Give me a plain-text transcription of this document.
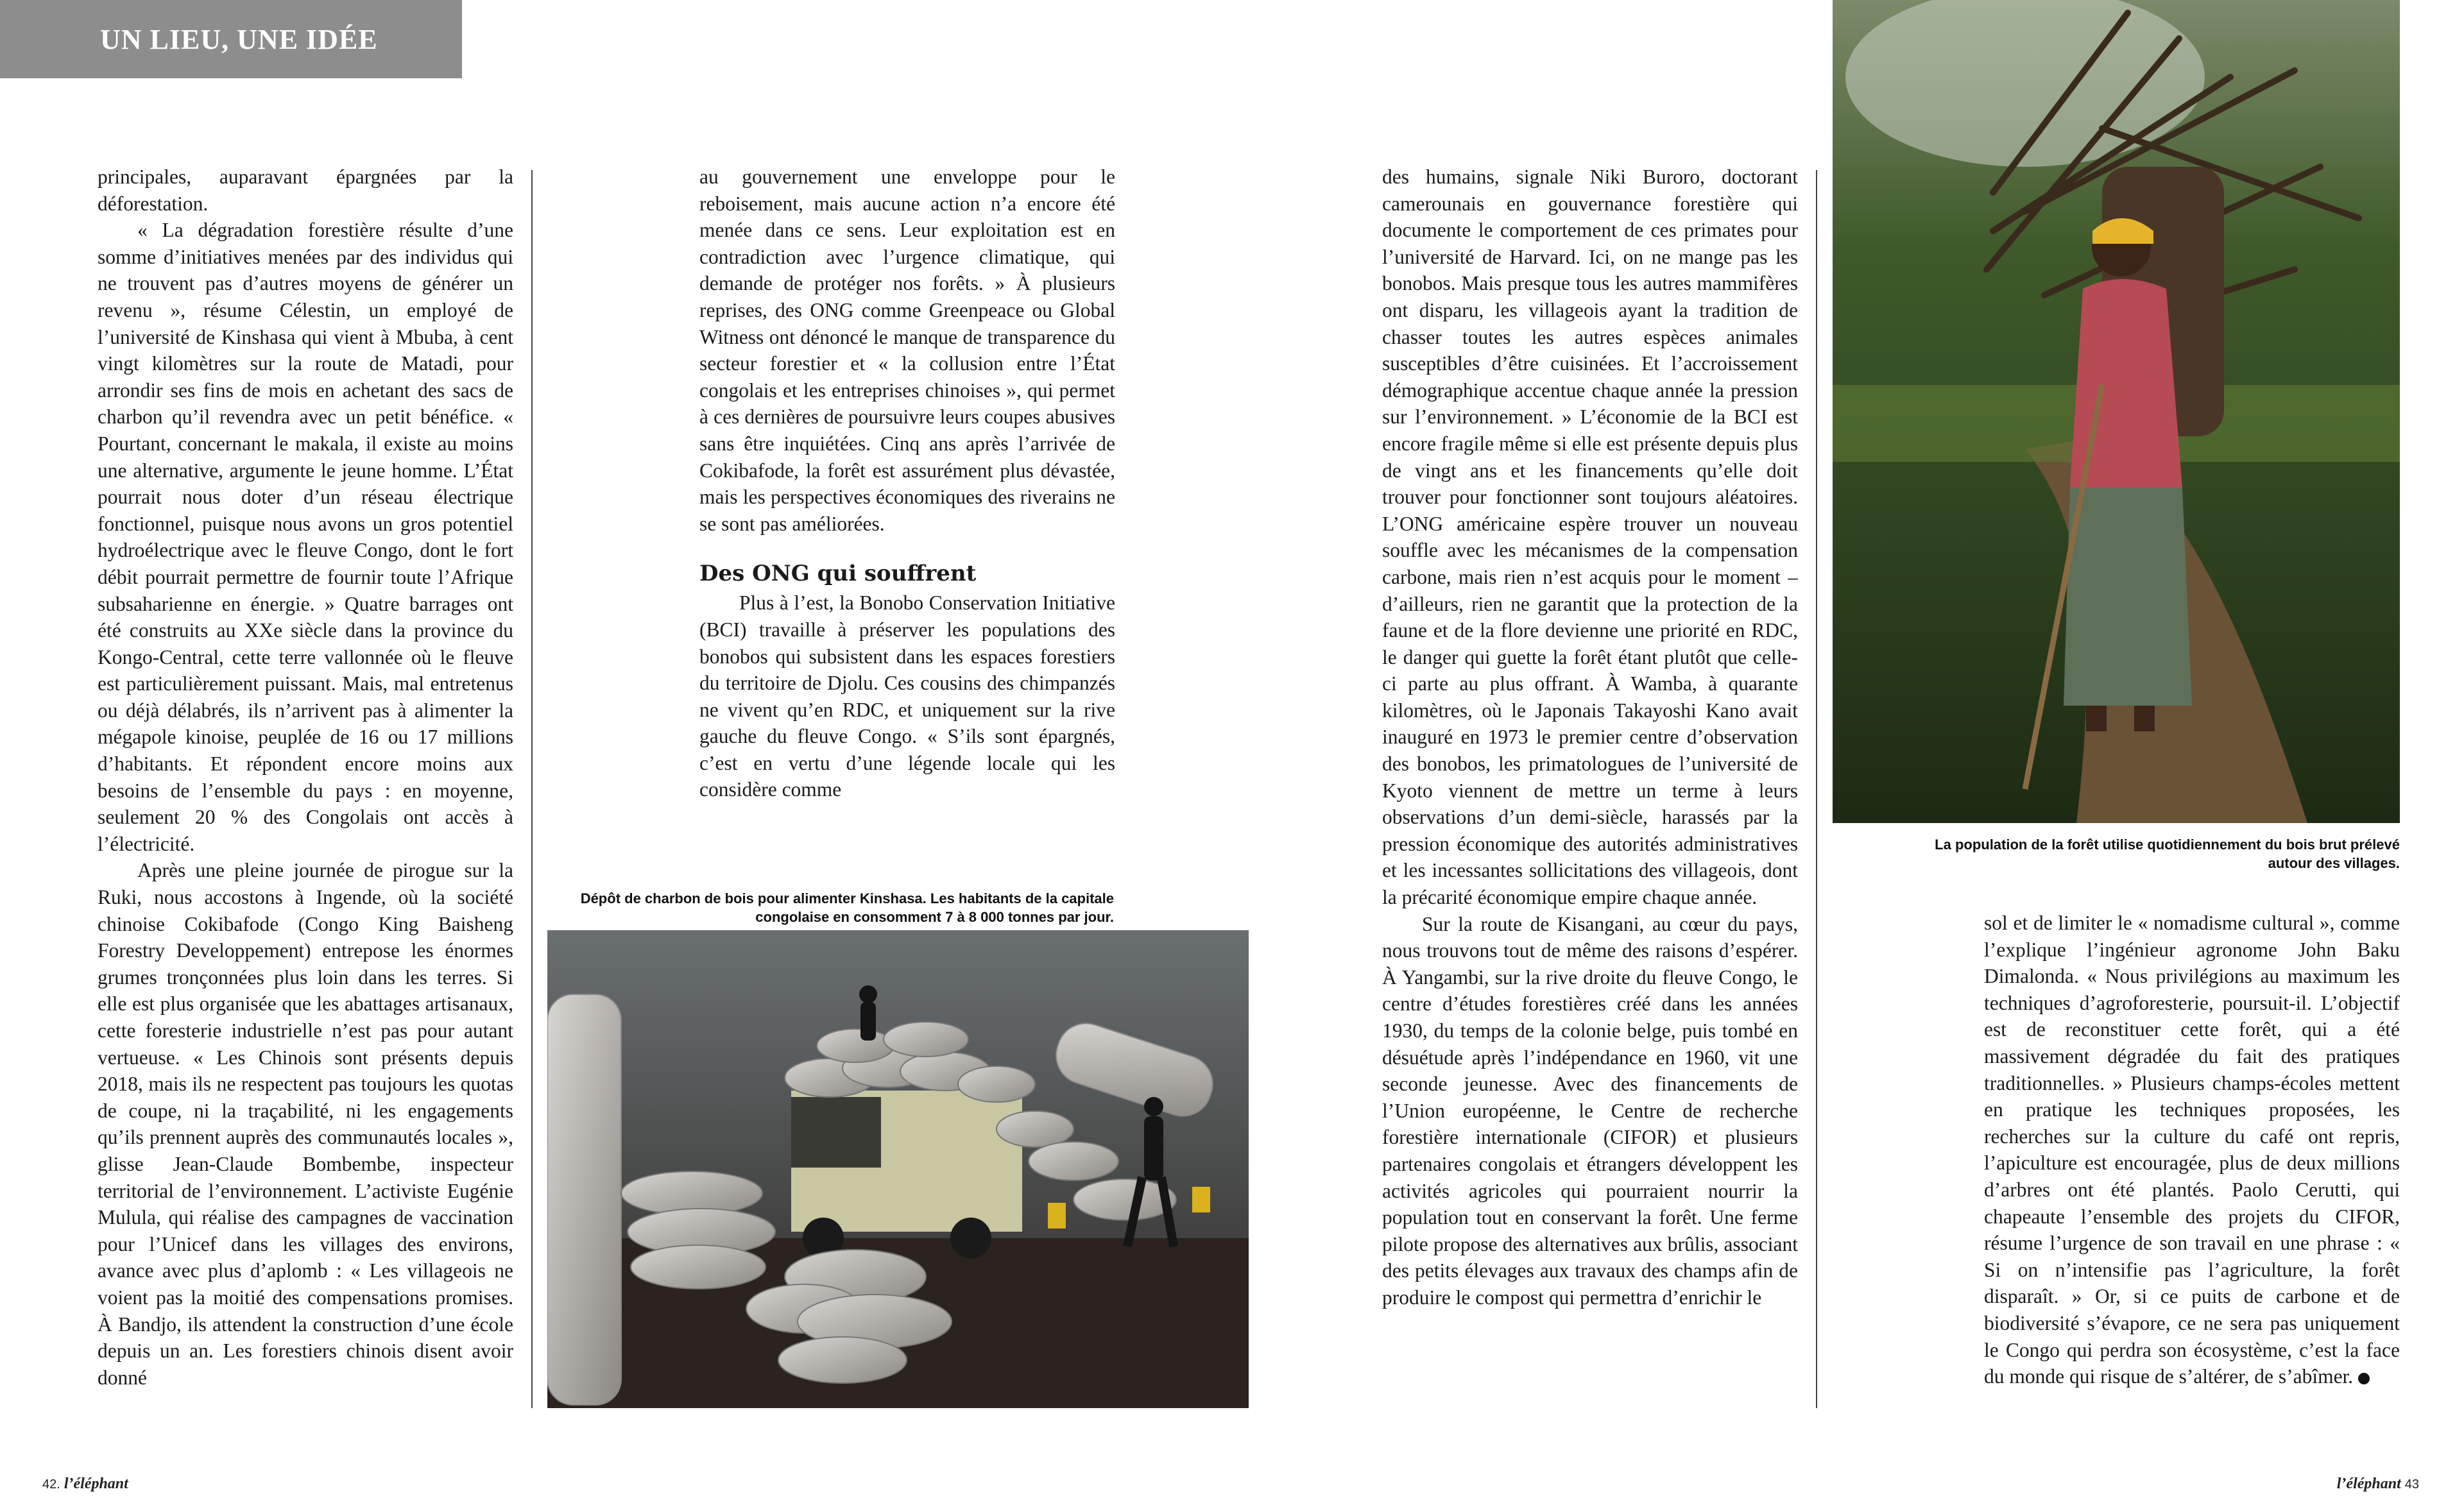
UN LIEU, UNE IDÉE

principales, auparavant épargnées par la déforestation.

« La dégradation forestière résulte d’une somme d’initiatives menées par des individus qui ne trouvent pas d’autres moyens de générer un revenu », résume Célestin, un employé de l’université de Kinshasa qui vient à Mbuba, à cent vingt kilomètres sur la route de Matadi, pour arrondir ses fins de mois en achetant des sacs de charbon qu’il revendra avec un petit bénéfice. « Pourtant, concernant le makala, il existe au moins une alternative, argumente le jeune homme. L’État pourrait nous doter d’un réseau électrique fonctionnel, puisque nous avons un gros potentiel hydroélectrique avec le fleuve Congo, dont le fort débit pourrait permettre de fournir toute l’Afrique subsaharienne en énergie. » Quatre barrages ont été construits au XXe siècle dans la province du Kongo-Central, cette terre vallonnée où le fleuve est particulièrement puissant. Mais, mal entretenus ou déjà délabrés, ils n’arrivent pas à alimenter la mégapole kinoise, peuplée de 16 ou 17 millions d’habitants. Et répondent encore moins aux besoins de l’ensemble du pays : en moyenne, seulement 20 % des Congolais ont accès à l’électricité.

Après une pleine journée de pirogue sur la Ruki, nous accostons à Ingende, où la société chinoise Cokibafode (Congo King Baisheng Forestry Developpement) entrepose les énormes grumes tronçonnées plus loin dans les terres. Si elle est plus organisée que les abattages artisanaux, cette foresterie industrielle n’est pas pour autant vertueuse. « Les Chinois sont présents depuis 2018, mais ils ne respectent pas toujours les quotas de coupe, ni la traçabilité, ni les engagements qu’ils prennent auprès des communautés locales », glisse Jean-Claude Bombembe, inspecteur territorial de l’environnement. L’activiste Eugénie Mulula, qui réalise des campagnes de vaccination pour l’Unicef dans les villages des environs, avance avec plus d’aplomb : « Les villageois ne voient pas la moitié des compensations promises. À Bandjo, ils attendent la construction d’une école depuis un an. Les forestiers chinois disent avoir donné

au gouvernement une enveloppe pour le reboisement, mais aucune action n’a encore été menée dans ce sens. Leur exploitation est en contradiction avec l’urgence climatique, qui demande de protéger nos forêts. » À plusieurs reprises, des ONG comme Greenpeace ou Global Witness ont dénoncé le manque de transparence du secteur forestier et « la collusion entre l’État congolais et les entreprises chinoises », qui permet à ces dernières de poursuivre leurs coupes abusives sans être inquiétées. Cinq ans après l’arrivée de Cokibafode, la forêt est assurément plus dévastée, mais les perspectives économiques des riverains ne se sont pas améliorées.

Des ONG qui souffrent

Plus à l’est, la Bonobo Conservation Initiative (BCI) travaille à préserver les populations des bonobos qui subsistent dans les espaces forestiers du territoire de Djolu. Ces cousins des chimpanzés ne vivent qu’en RDC, et uniquement sur la rive gauche du fleuve Congo. « S’ils sont épargnés, c’est en vertu d’une légende locale qui les considère comme

Dépôt de charbon de bois pour alimenter Kinshasa. Les habitants de la capitale congolaise en consomment 7 à 8 000 tonnes par jour.

des humains, signale Niki Buroro, doctorant camerounais en gouvernance forestière qui documente le comportement de ces primates pour l’université de Harvard. Ici, on ne mange pas les bonobos. Mais presque tous les autres mammifères ont disparu, les villageois ayant la tradition de chasser toutes les autres espèces animales susceptibles d’être cuisinées. Et l’accroissement démographique accentue chaque année la pression sur l’environnement. » L’économie de la BCI est encore fragile même si elle est présente depuis plus de vingt ans et les financements qu’elle doit trouver pour fonctionner sont toujours aléatoires. L’ONG américaine espère trouver un nouveau souffle avec les mécanismes de la compensation carbone, mais rien n’est acquis pour le moment – d’ailleurs, rien ne garantit que la protection de la faune et de la flore devienne une priorité en RDC, le danger qui guette la forêt étant plutôt que celle-ci parte au plus offrant. À Wamba, à quarante kilomètres, où le Japonais Takayoshi Kano avait inauguré en 1973 le premier centre d’observation des bonobos, les primatologues de l’université de Kyoto viennent de mettre un terme à leurs observations d’un demi-siècle, harassés par la pression économique des autorités administratives et les incessantes sollicitations des villageois, dont la précarité économique empire chaque année.

Sur la route de Kisangani, au cœur du pays, nous trouvons tout de même des raisons d’espérer. À Yangambi, sur la rive droite du fleuve Congo, le centre d’études forestières créé dans les années 1930, du temps de la colonie belge, puis tombé en désuétude après l’indépendance en 1960, vit une seconde jeunesse. Avec des financements de l’Union européenne, le Centre de recherche forestière internationale (CIFOR) et plusieurs partenaires congolais et étrangers développent les activités agricoles qui pourraient nourrir la population tout en conservant la forêt. Une ferme pilote propose des alternatives aux brûlis, associant des petits élevages aux travaux des champs afin de produire le compost qui permettra d’enrichir le

La population de la forêt utilise quotidiennement du bois brut prélevé autour des villages.

sol et de limiter le « nomadisme cultural », comme l’explique l’ingénieur agronome John Baku Dimalonda. « Nous privilégions au maximum les techniques d’agroforesterie, poursuit-il. L’objectif est de reconstituer cette forêt, qui a été massivement dégradée du fait des pratiques traditionnelles. » Plusieurs champs-écoles mettent en pratique les techniques proposées, les recherches sur la culture du café ont repris, l’apiculture est encouragée, plus de deux millions d’arbres ont été plantés. Paolo Cerutti, qui chapeaute l’ensemble des projets du CIFOR, résume l’urgence de son travail en une phrase : « Si on n’intensifie pas l’agriculture, la forêt disparaît. » Or, si ce puits de carbone et de biodiversité s’évapore, ce ne sera pas uniquement le Congo qui perdra son écosystème, c’est la face du monde qui risque de s’altérer, de s’abîmer.

42. l’éléphant	l’éléphant 43
